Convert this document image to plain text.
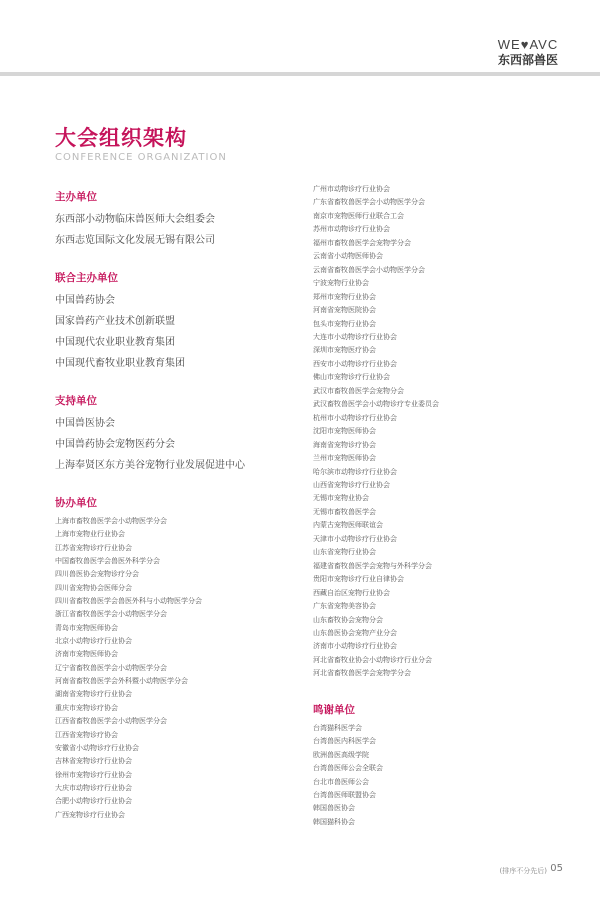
WE♥AVC
东西部兽医
大会组织架构
CONFERENCE ORGANIZATION
主办单位
东西部小动物临床兽医师大会组委会
东西志览国际文化发展无锡有限公司
联合主办单位
中国兽药协会
国家兽药产业技术创新联盟
中国现代农业职业教育集团
中国现代畜牧业职业教育集团
支持单位
中国兽医协会
中国兽药协会宠物医药分会
上海奉贤区东方美谷宠物行业发展促进中心
协办单位
上海市畜牧兽医学会小动物医学分会
上海市宠物业行业协会
江苏省宠物诊疗行业协会
中国畜牧兽医学会兽医外科学分会
四川兽医协会宠物诊疗分会
四川省宠物协会医师分会
四川省畜牧兽医学会兽医外科与小动物医学分会
浙江省畜牧兽医学会小动物医学分会
青岛市宠物医师协会
北京小动物诊疗行业协会
济南市宠物医师协会
辽宁省畜牧兽医学会小动物医学分会
河南省畜牧兽医学会外科暨小动物医学分会
湖南省宠物诊疗行业协会
重庆市宠物诊疗协会
江西省畜牧兽医学会小动物医学分会
江西省宠物诊疗协会
安徽省小动物诊疗行业协会
吉林省宠物诊疗行业协会
徐州市宠物诊疗行业协会
大庆市动物诊疗行业协会
合肥小动物诊疗行业协会
广西宠物诊疗行业协会
广州市动物诊疗行业协会
广东省畜牧兽医学会小动物医学分会
南京市宠物医师行业联合工会
苏州市动物诊疗行业协会
福州市畜牧兽医学会宠物学分会
云南省小动物医师协会
云南省畜牧兽医学会小动物医学分会
宁波宠物行业协会
郑州市宠物行业协会
河南省宠物医院协会
包头市宠物行业协会
大连市小动物诊疗行业协会
深圳市宠物医疗协会
西安市小动物诊疗行业协会
佛山市宠物诊疗行业协会
武汉市畜牧兽医学会宠物分会
武汉畜牧兽医学会小动物诊疗专业委员会
杭州市小动物诊疗行业协会
沈阳市宠物医师协会
海南省宠物诊疗协会
兰州市宠物医师协会
哈尔滨市动物诊疗行业协会
山西省宠物诊疗行业协会
无锡市宠物业协会
无锡市畜牧兽医学会
内蒙古宠物医师联谊会
天津市小动物诊疗行业协会
山东省宠物行业协会
福建省畜牧兽医学会宠物与外科学分会
贵阳市宠物诊疗行业自律协会
西藏自治区宠物行业协会
广东省宠物美容协会
山东畜牧协会宠物分会
山东兽医协会宠物产业分会
济南市小动物诊疗行业协会
河北省畜牧业协会小动物诊疗行业分会
河北省畜牧兽医学会宠物学分会
鸣谢单位
台湾猫科医学会
台湾兽医内科医学会
欧洲兽医高级学院
台湾兽医师公会全联会
台北市兽医师公会
台湾兽医师联盟协会
韩国兽医协会
韩国猫科协会
(排序不分先后) 05
